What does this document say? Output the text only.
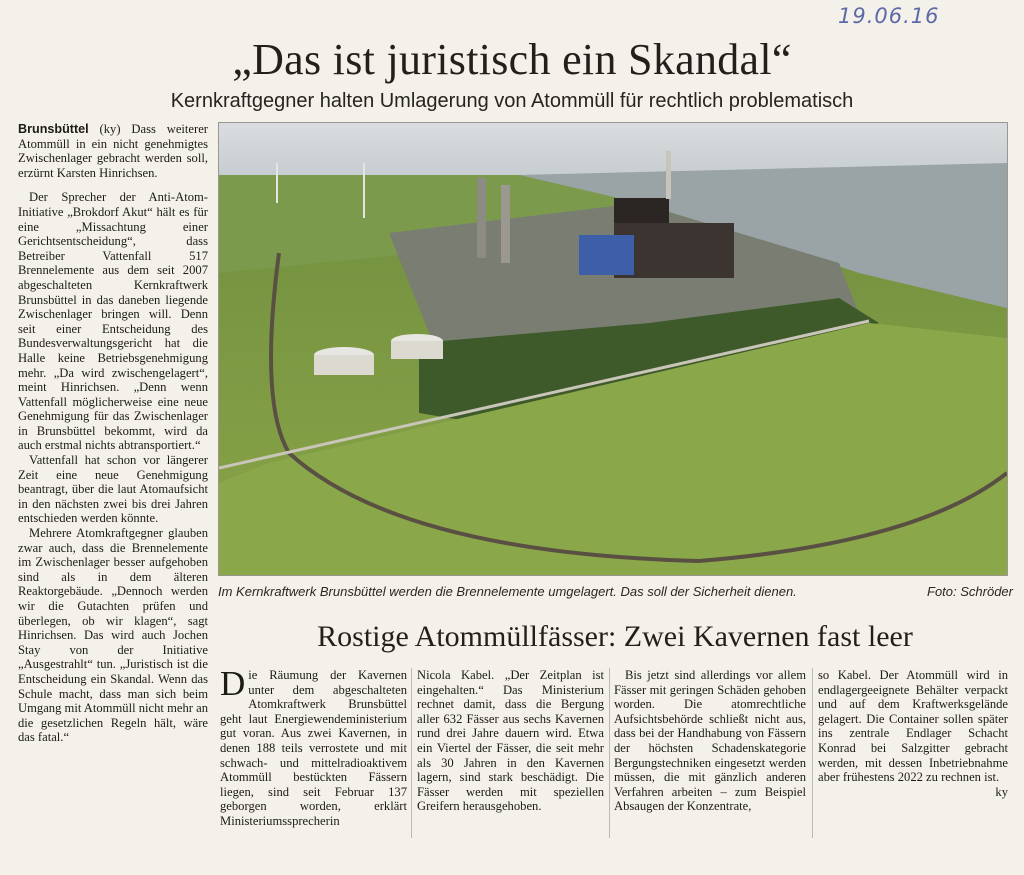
19.06.16
„Das ist juristisch ein Skandal“
Kernkraftgegner halten Umlagerung von Atommüll für rechtlich problematisch

Brunsbüttel (ky) Dass weiterer Atommüll in ein nicht genehmigtes Zwischenlager gebracht werden soll, erzürnt Karsten Hinrichsen.

Der Sprecher der Anti-Atom-Initiative „Brokdorf Akut“ hält es für eine „Missachtung einer Gerichtsentscheidung“, dass Betreiber Vattenfall 517 Brennelemente aus dem seit 2007 abgeschalteten Kernkraftwerk Brunsbüttel in das daneben liegende Zwischenlager bringen will. Denn seit einer Entscheidung des Bundesverwaltungsgericht hat die Halle keine Betriebsgenehmigung mehr. „Da wird zwischengelagert“, meint Hinrichsen. „Denn wenn Vattenfall möglicherweise eine neue Genehmigung für das Zwischenlager in Brunsbüttel bekommt, wird da auch erstmal nichts abtransportiert.“

Vattenfall hat schon vor längerer Zeit eine neue Genehmigung beantragt, über die laut Atomaufsicht in den nächsten zwei bis drei Jahren entschieden werden könnte.

Mehrere Atomkraftgegner glauben zwar auch, dass die Brennelemente im Zwischenlager besser aufgehoben sind als in dem älteren Reaktorgebäude. „Dennoch werden wir die Gutachten prüfen und überlegen, ob wir klagen“, sagt Hinrichsen. Das wird auch Jochen Stay von der Initiative „Ausgestrahlt“ tun. „Juristisch ist die Entscheidung ein Skandal. Wenn das Schule macht, dass man sich beim Umgang mit Atommüll nicht mehr an die gesetzlichen Regeln hält, wäre das fatal.“

Im Kernkraftwerk Brunsbüttel werden die Brennelemente umgelagert. Das soll der Sicherheit dienen.	Foto: Schröder
Rostige Atommüllfässer: Zwei Kavernen fast leer
Die Räumung der Kavernen unter dem abgeschalteten Atomkraftwerk Brunsbüttel geht laut Energiewendeministerium gut voran. Aus zwei Kavernen, in denen 188 teils verrostete und mit schwach- und mittelradioaktivem Atommüll bestückten Fässern liegen, sind seit Februar 137 geborgen worden, erklärt Ministeriumssprecherin
Nicola Kabel. „Der Zeitplan ist eingehalten.“ Das Ministerium rechnet damit, dass die Bergung aller 632 Fässer aus sechs Kavernen rund drei Jahre dauern wird. Etwa ein Viertel der Fässer, die seit mehr als 30 Jahren in den Kavernen lagern, sind stark beschädigt. Die Fässer werden mit speziellen Greifern herausgehoben.

Bis jetzt sind allerdings vor allem Fässer mit geringen Schäden gehoben worden. Die atomrechtliche Aufsichtsbehörde schließt nicht aus, dass bei der Handhabung von Fässern der höchsten Schadenskategorie Bergungstechniken eingesetzt werden müssen, die mit gänzlich anderen Verfahren arbeiten – zum Beispiel Absaugen der Konzentrate,

so Kabel. Der Atommüll wird in endlagergeeignete Behälter verpackt und auf dem Kraftwerksgelände gelagert. Die Container sollen später ins zentrale Endlager Schacht Konrad bei Salzgitter gebracht werden, mit dessen Inbetriebnahme aber frühestens 2022 zu rechnen ist.
ky
